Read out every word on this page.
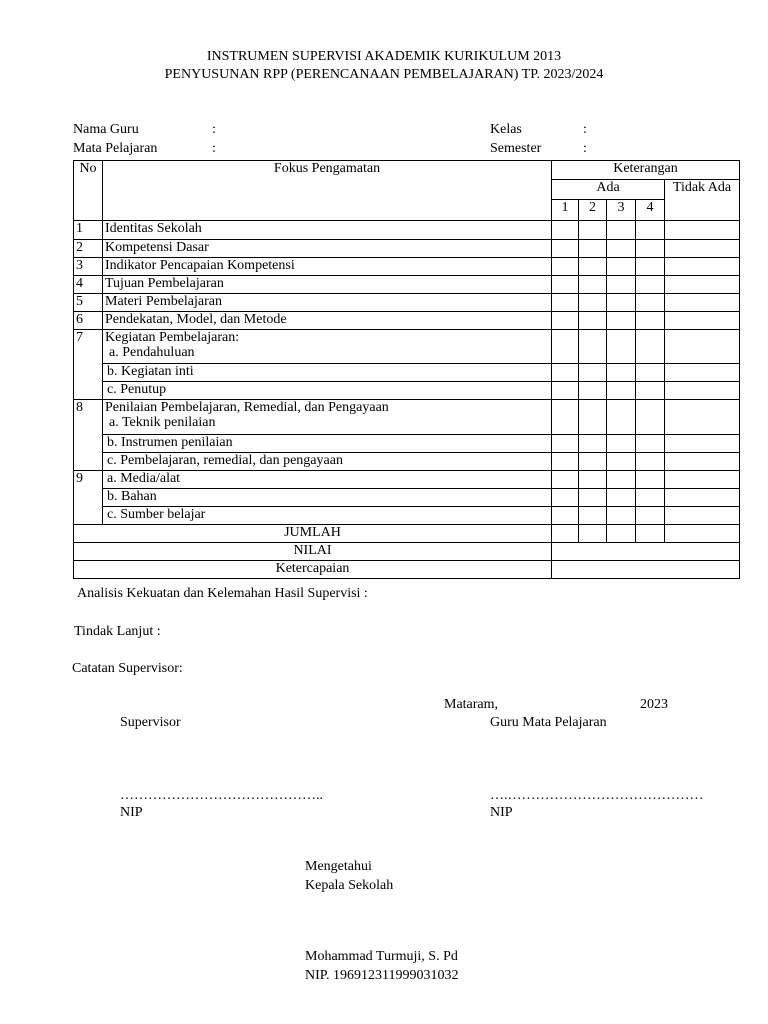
INSTRUMEN SUPERVISI AKADEMIK KURIKULUM 2013
PENYUSUNAN RPP (PERENCANAAN PEMBELAJARAN) TP. 2023/2024
Nama Guru	:
Mata Pelajaran	:
Kelas	:
Semester	:
No	Fokus Pengamatan	Keterangan				
		Ada				Tidak Ada
		1	2	3	4	
1	Identitas Sekolah					
2	Kompetensi Dasar					
3	Indikator Pencapaian Kompetensi					
4	Tujuan Pembelajaran					
5	Materi Pembelajaran					
6	Pendekatan, Model, dan Metode					
7	Kegiatan Pembelajaran:
a. Pendahuluan					

	b. Kegiatan inti					
	c. Penutup					
8	Penilaian Pembelajaran, Remedial, dan Pengayaan
a. Teknik penilaian					

	b. Instrumen penilaian					
	c. Pembelajaran, remedial, dan pengayaan					
9	a. Media/alat					
	b. Bahan					
	c. Sumber belajar					
JUMLAH						
NILAI						
Ketercapaian						
Analisis Kekuatan dan Kelemahan Hasil Supervisi :
Tindak Lanjut :
Catatan Supervisor:
Mataram,	2023
Supervisor	Guru Mata Pelajaran
……………………………………..	….……………………………………
NIP	NIP
Mengetahui
Kepala Sekolah
Mohammad Turmuji, S. Pd
NIP. 196912311999031032
